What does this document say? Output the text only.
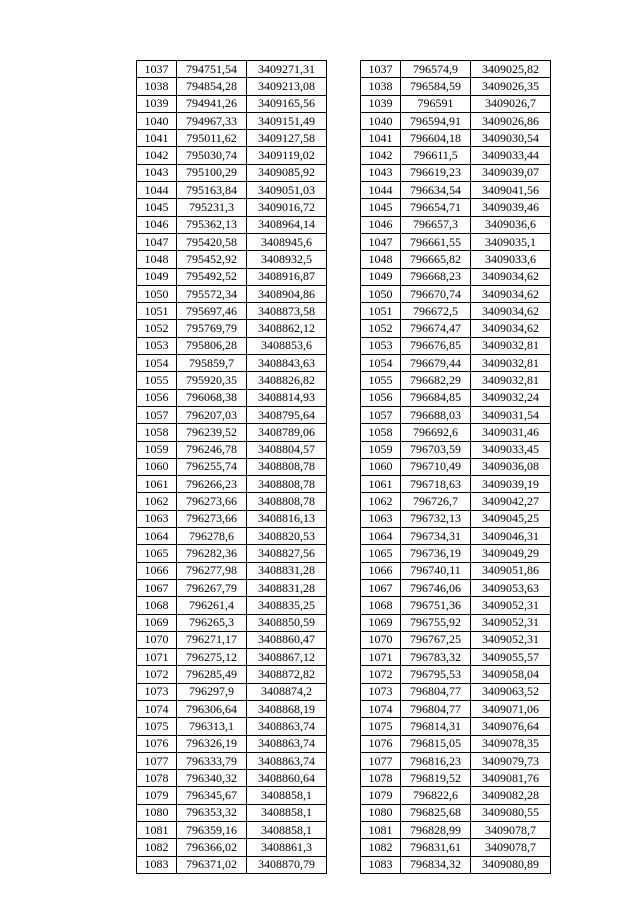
1037	794751,54	3409271,31
1038	794854,28	3409213,08
1039	794941,26	3409165,56
1040	794967,33	3409151,49
1041	795011,62	3409127,58
1042	795030,74	3409119,02
1043	795100,29	3409085,92
1044	795163,84	3409051,03
1045	795231,3	3409016,72
1046	795362,13	3408964,14
1047	795420,58	3408945,6
1048	795452,92	3408932,5
1049	795492,52	3408916,87
1050	795572,34	3408904,86
1051	795697,46	3408873,58
1052	795769,79	3408862,12
1053	795806,28	3408853,6
1054	795859,7	3408843,63
1055	795920,35	3408826,82
1056	796068,38	3408814,93
1057	796207,03	3408795,64
1058	796239,52	3408789,06
1059	796246,78	3408804,57
1060	796255,74	3408808,78
1061	796266,23	3408808,78
1062	796273,66	3408808,78
1063	796273,66	3408816,13
1064	796278,6	3408820,53
1065	796282,36	3408827,56
1066	796277,98	3408831,28
1067	796267,79	3408831,28
1068	796261,4	3408835,25
1069	796265,3	3408850,59
1070	796271,17	3408860,47
1071	796275,12	3408867,12
1072	796285,49	3408872,82
1073	796297,9	3408874,2
1074	796306,64	3408868,19
1075	796313,1	3408863,74
1076	796326,19	3408863,74
1077	796333,79	3408863,74
1078	796340,32	3408860,64
1079	796345,67	3408858,1
1080	796353,32	3408858,1
1081	796359,16	3408858,1
1082	796366,02	3408861,3
1083	796371,02	3408870,79
1037	796574,9	3409025,82
1038	796584,59	3409026,35
1039	796591	3409026,7
1040	796594,91	3409026,86
1041	796604,18	3409030,54
1042	796611,5	3409033,44
1043	796619,23	3409039,07
1044	796634,54	3409041,56
1045	796654,71	3409039,46
1046	796657,3	3409036,6
1047	796661,55	3409035,1
1048	796665,82	3409033,6
1049	796668,23	3409034,62
1050	796670,74	3409034,62
1051	796672,5	3409034,62
1052	796674,47	3409034,62
1053	796676,85	3409032,81
1054	796679,44	3409032,81
1055	796682,29	3409032,81
1056	796684,85	3409032,24
1057	796688,03	3409031,54
1058	796692,6	3409031,46
1059	796703,59	3409033,45
1060	796710,49	3409036,08
1061	796718,63	3409039,19
1062	796726,7	3409042,27
1063	796732,13	3409045,25
1064	796734,31	3409046,31
1065	796736,19	3409049,29
1066	796740,11	3409051,86
1067	796746,06	3409053,63
1068	796751,36	3409052,31
1069	796755,92	3409052,31
1070	796767,25	3409052,31
1071	796783,32	3409055,57
1072	796795,53	3409058,04
1073	796804,77	3409063,52
1074	796804,77	3409071,06
1075	796814,31	3409076,64
1076	796815,05	3409078,35
1077	796816,23	3409079,73
1078	796819,52	3409081,76
1079	796822,6	3409082,28
1080	796825,68	3409080,55
1081	796828,99	3409078,7
1082	796831,61	3409078,7
1083	796834,32	3409080,89
